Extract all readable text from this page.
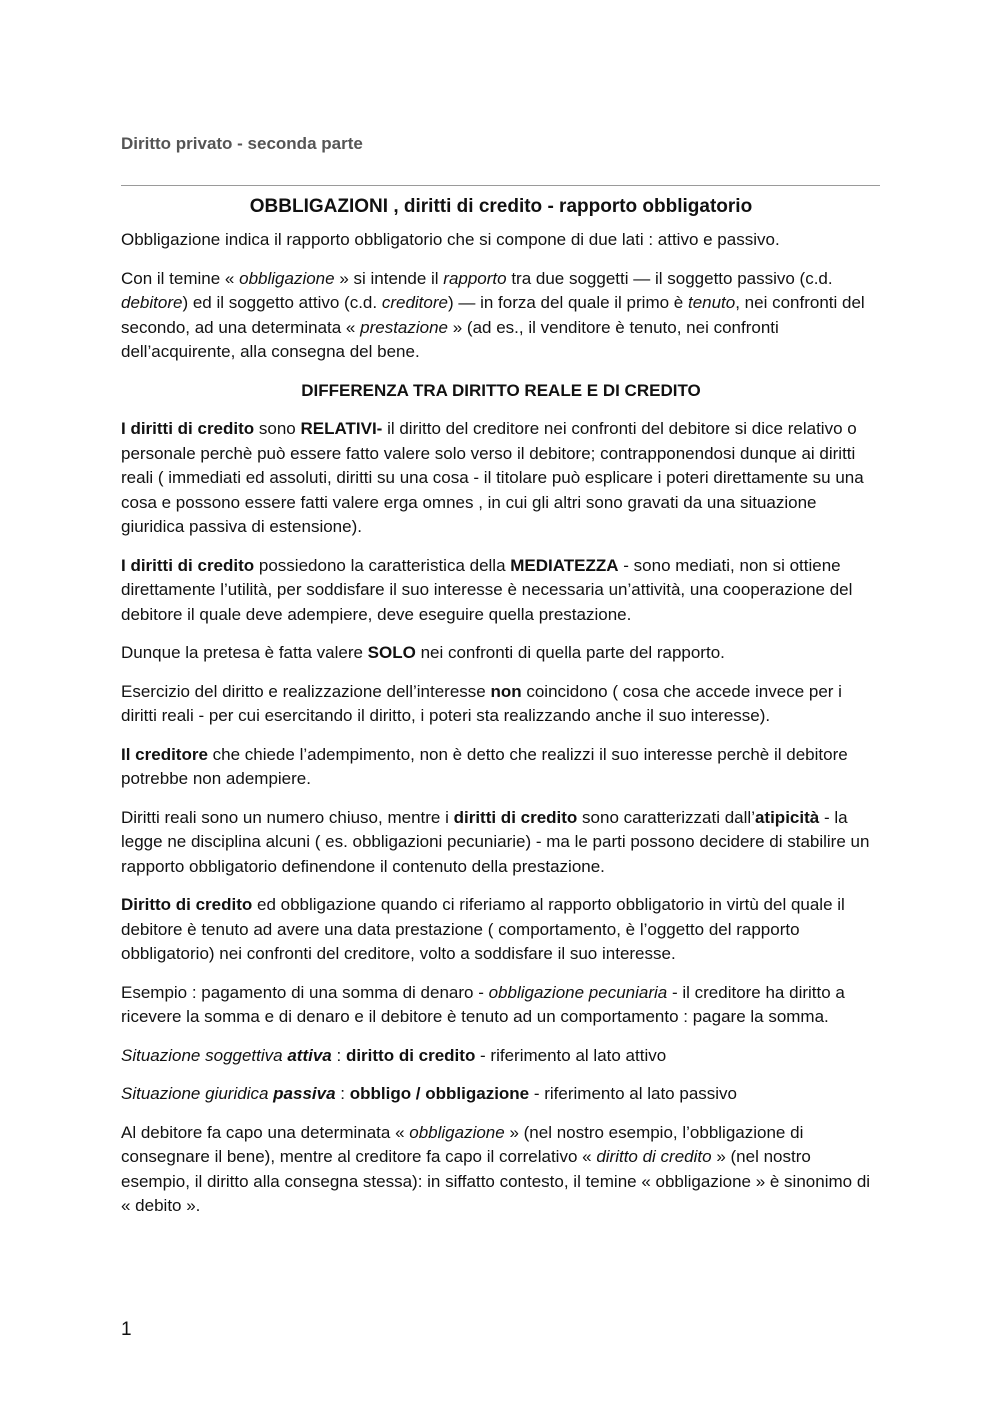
Diritto privato - seconda parte

OBBLIGAZIONI , diritti di credito - rapporto obbligatorio

Obbligazione indica il rapporto obbligatorio che si compone di due lati : attivo e passivo.

Con il temine « obbligazione » si intende il rapporto tra due soggetti — il soggetto passivo (c.d. debitore) ed il soggetto attivo (c.d. creditore) — in forza del quale il primo è tenuto, nei confronti del secondo, ad una determinata « prestazione » (ad es., il venditore è tenuto, nei confronti dell’acquirente, alla consegna del bene.

DIFFERENZA TRA DIRITTO REALE E DI CREDITO

I diritti di credito sono RELATIVI- il diritto del creditore nei confronti del debitore si dice relativo o personale perchè può essere fatto valere solo verso il debitore; contrapponendosi dunque ai diritti reali ( immediati ed assoluti, diritti su una cosa - il titolare può esplicare i poteri direttamente su una cosa e possono essere fatti valere erga omnes , in cui gli altri sono gravati da una situazione giuridica passiva di estensione).

I diritti di credito possiedono la caratteristica della MEDIATEZZA - sono mediati, non si ottiene direttamente l’utilità, per soddisfare il suo interesse è necessaria un’attività, una cooperazione del debitore il quale deve adempiere, deve eseguire quella prestazione.

Dunque la pretesa è fatta valere SOLO nei confronti di quella parte del rapporto.

Esercizio del diritto e realizzazione dell’interesse non coincidono ( cosa che accede invece per i diritti reali - per cui esercitando il diritto, i poteri sta realizzando anche il suo interesse).

Il creditore che chiede l’adempimento, non è detto che realizzi il suo interesse perchè il debitore potrebbe non adempiere.

Diritti reali sono un numero chiuso, mentre i diritti di credito sono caratterizzati dall’atipicità - la legge ne disciplina alcuni ( es. obbligazioni pecuniarie) - ma le parti possono decidere di stabilire un rapporto obbligatorio definendone il contenuto della prestazione.

Diritto di credito ed obbligazione quando ci riferiamo al rapporto obbligatorio in virtù del quale il debitore è tenuto ad avere una data prestazione ( comportamento, è l’oggetto del rapporto obbligatorio) nei confronti del creditore, volto a soddisfare il suo interesse.

Esempio : pagamento di una somma di denaro - obbligazione pecuniaria - il creditore ha diritto a ricevere la somma e di denaro e il debitore è tenuto ad un comportamento : pagare la somma.

Situazione soggettiva attiva : diritto di credito - riferimento al lato attivo

Situazione giuridica passiva : obbligo / obbligazione - riferimento al lato passivo

Al debitore fa capo una determinata « obbligazione » (nel nostro esempio, l’obbligazione di consegnare il bene), mentre al creditore fa capo il correlativo « diritto di credito » (nel nostro esempio, il diritto alla consegna stessa): in siffatto contesto, il temine « obbligazione » è sinonimo di « debito ».

1
